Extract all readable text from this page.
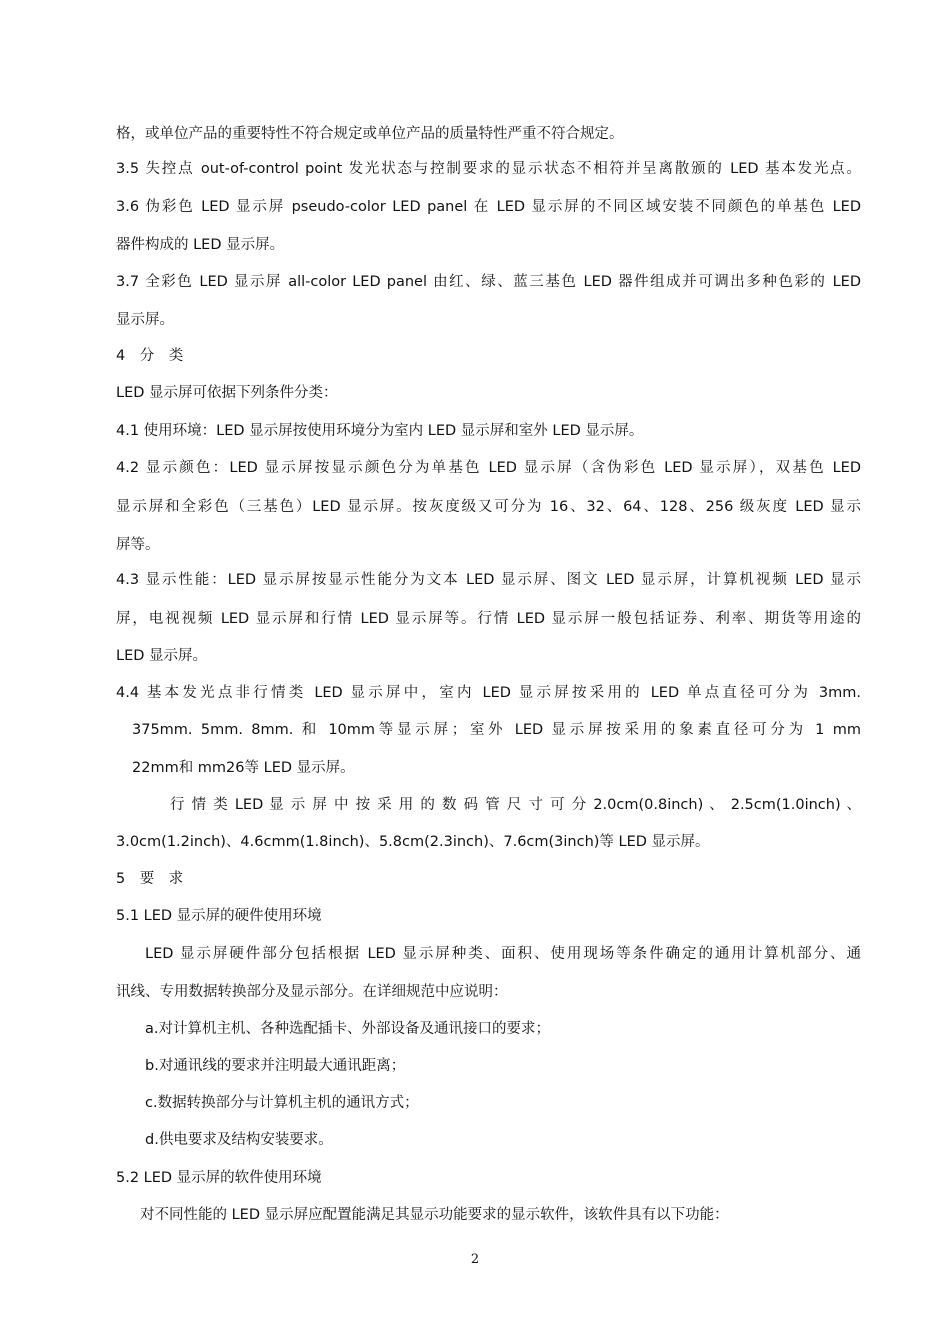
格，或单位产品的重要特性不符合规定或单位产品的质量特性严重不符合规定。
3.5 失控点 out-of-control point 发光状态与控制要求的显示状态不相符并呈离散颁的 LED 基本发光点。
3.6 伪彩色 LED 显示屏 pseudo-color LED panel 在 LED 显示屏的不同区域安装不同颜色的单基色 LED
器件构成的 LED 显示屏。
3.7 全彩色 LED 显示屏 all-color LED panel 由红、绿、蓝三基色 LED 器件组成并可调出多种色彩的 LED
显示屏。
4　分　类
LED 显示屏可依据下列条件分类：
4.1 使用环境：LED 显示屏按使用环境分为室内 LED 显示屏和室外 LED 显示屏。
4.2 显示颜色：LED 显示屏按显示颜色分为单基色 LED 显示屏（含伪彩色 LED 显示屏），双基色 LED
显示屏和全彩色（三基色）LED 显示屏。按灰度级又可分为 16、32、64、128、256 级灰度 LED 显示
屏等。
4.3 显示性能：LED 显示屏按显示性能分为文本 LED 显示屏、图文 LED 显示屏，计算机视频 LED 显示
屏，电视视频 LED 显示屏和行情 LED 显示屏等。行情 LED 显示屏一般包括证券、利率、期货等用途的
LED 显示屏。
4.4 基本发光点非行情类 LED 显示屏中，室内 LED 显示屏按采用的 LED 单点直径可分为 3mm.
375mm. 5mm. 8mm. 和 10mm等显示屏；室外 LED 显示屏按采用的象素直径可分为 1 mm
22mm和 mm26等 LED 显示屏。
行 情 类 LED 显 示 屏 中 按 采 用 的 数 码 管 尺 寸 可 分 2.0cm(0.8inch) 、 2.5cm(1.0inch) 、
3.0cm(1.2inch)、4.6cmm(1.8inch)、5.8cm(2.3inch)、7.6cm(3inch)等 LED 显示屏。
5　要　求
5.1 LED 显示屏的硬件使用环境
LED 显示屏硬件部分包括根据 LED 显示屏种类、面积、使用现场等条件确定的通用计算机部分、通
讯线、专用数据转换部分及显示部分。在详细规范中应说明：
a.对计算机主机、各种选配插卡、外部设备及通讯接口的要求；
b.对通讯线的要求并注明最大通讯距离；
c.数据转换部分与计算机主机的通讯方式；
d.供电要求及结构安装要求。
5.2 LED 显示屏的软件使用环境
对不同性能的 LED 显示屏应配置能满足其显示功能要求的显示软件，该软件具有以下功能：
2
